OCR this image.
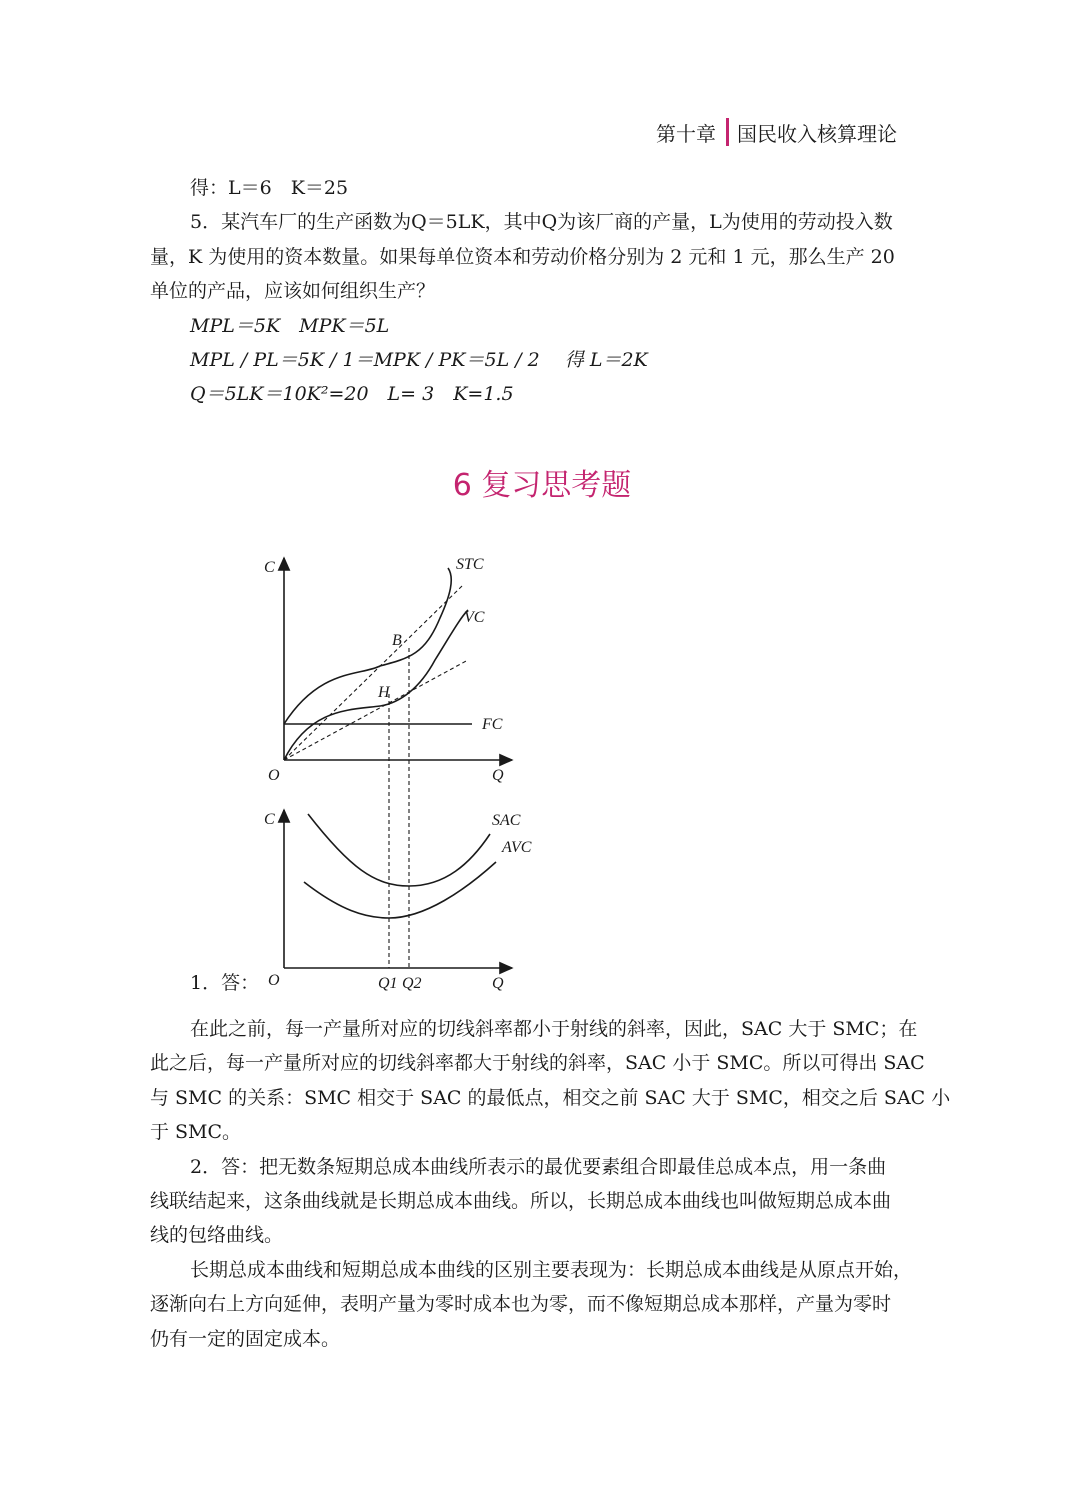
第十章 国民收入核算理论
得：L＝6　K＝25
5．某汽车厂的生产函数为Q＝5LK，其中Q为该厂商的产量，L为使用的劳动投入数
量，K 为使用的资本数量。如果每单位资本和劳动价格分别为 2 元和 1 元，那么生产 20
单位的产品，应该如何组织生产？
MPL＝5K　MPK＝5L
MPL / PL＝5K / 1＝MPK / PK＝5L / 2　 得 L＝2K
Q＝5LK＝10K²=20　L= 3　K=1.5
6 复习思考题
C
Q
O
FC
STC
VC
B
H
C
Q
O
SAC
AVC
Q1 Q2
1．答：
在此之前，每一产量所对应的切线斜率都小于射线的斜率，因此，SAC 大于 SMC；在
此之后，每一产量所对应的切线斜率都大于射线的斜率，SAC 小于 SMC。所以可得出 SAC
与 SMC 的关系：SMC 相交于 SAC 的最低点，相交之前 SAC 大于 SMC，相交之后 SAC 小
于 SMC。
2．答：把无数条短期总成本曲线所表示的最优要素组合即最佳总成本点，用一条曲
线联结起来，这条曲线就是长期总成本曲线。所以，长期总成本曲线也叫做短期总成本曲
线的包络曲线。
长期总成本曲线和短期总成本曲线的区别主要表现为：长期总成本曲线是从原点开始，
逐渐向右上方向延伸，表明产量为零时成本也为零，而不像短期总成本那样，产量为零时
仍有一定的固定成本。
